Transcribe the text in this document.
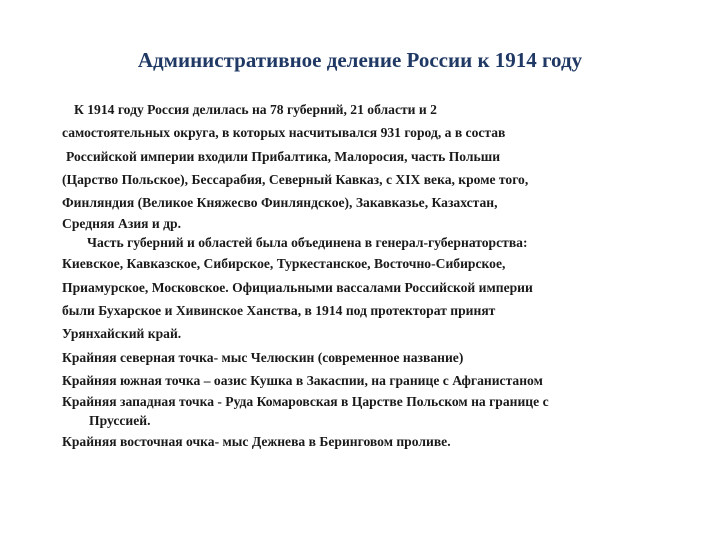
Административное деление России к 1914 году
К 1914 году Россия делилась на 78 губерний, 21 области и 2
самостоятельных округа, в которых насчитывался 931 город, а в состав
Российской империи входили Прибалтика, Малоросия, часть Польши
(Царство Польское), Бессарабия, Северный Кавказ, с XIX века, кроме того,
Финляндия (Великое Княжесво Финляндское), Закавказье, Казахстан,
Средняя Азия и др.
Часть губерний и областей была объединена в генерал-губернаторства:
Киевское, Кавказское, Сибирское, Туркестанское, Восточно-Сибирское,
Приамурское, Московское. Официальными вассалами Российской империи
были Бухарское и Хивинское Ханства, в 1914 под протекторат принят
Урянхайский край.
Крайняя северная точка- мыс Челюскин (современное название)
Крайняя южная точка – оазис Кушка в Закаспии, на границе с Афганистаном
Крайняя западная точка - Руда Комаровская в Царстве Польском на границе с
Пруссией.
Крайняя восточная очка- мыс Дежнева в Беринговом проливе.
